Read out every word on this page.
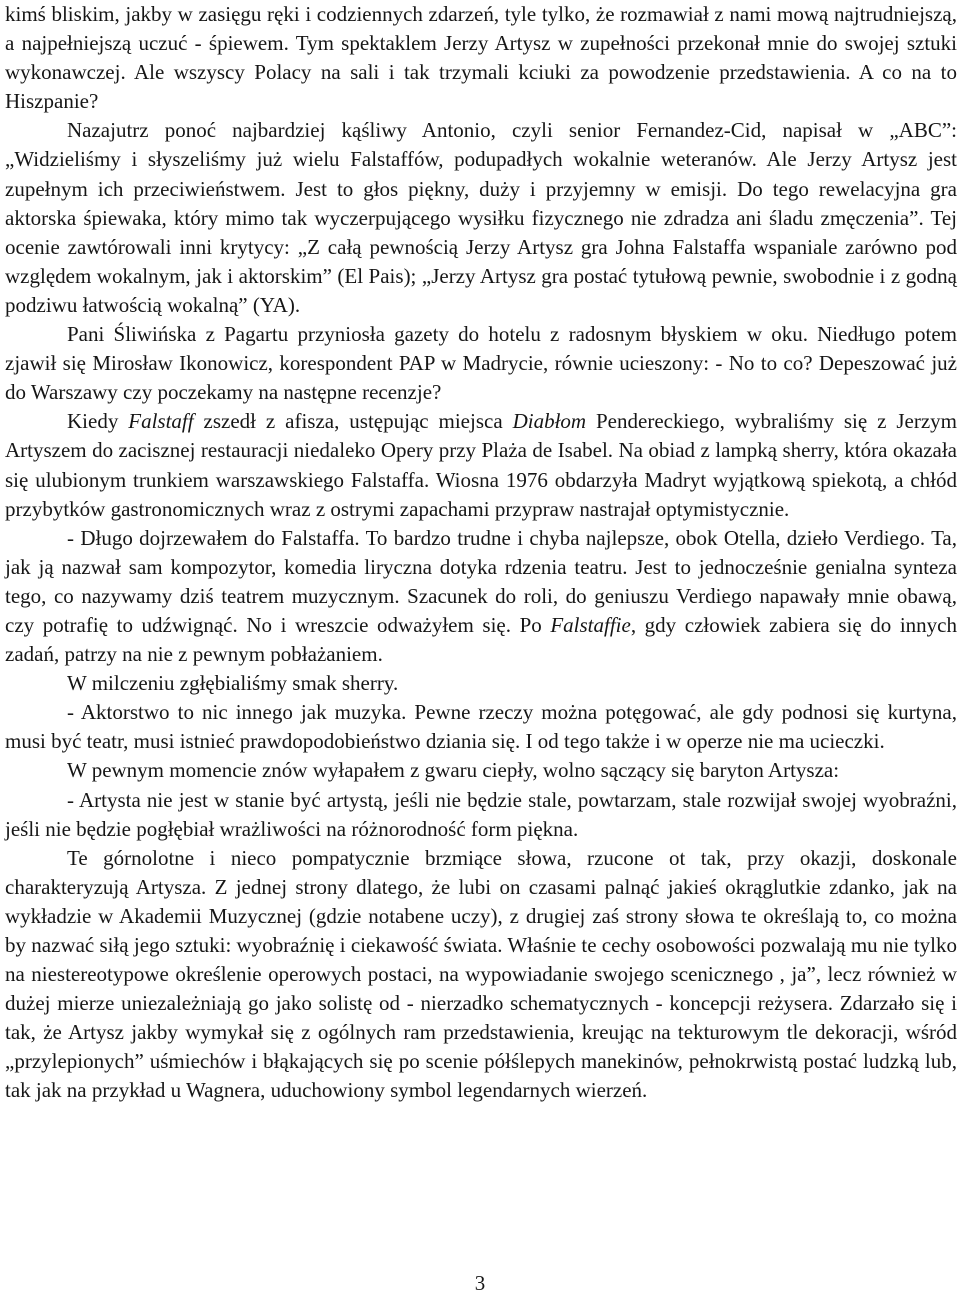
kimś bliskim, jakby w zasięgu ręki i codziennych zdarzeń, tyle tylko, że rozmawiał z nami mową najtrudniejszą, a najpełniejszą uczuć - śpiewem. Tym spektaklem Jerzy Artysz w zupełności przekonał mnie do swojej sztuki wykonawczej. Ale wszyscy Polacy na sali i tak trzymali kciuki za powodzenie przedstawienia. A co na to Hiszpanie?

Nazajutrz ponoć najbardziej kąśliwy Antonio, czyli senior Fernandez-Cid, napisał w „ABC”: „Widzieliśmy i słyszeliśmy już wielu Falstaffów, podupadłych wokalnie weteranów. Ale Jerzy Artysz jest zupełnym ich przeciwieństwem. Jest to głos piękny, duży i przyjemny w emisji. Do tego rewelacyjna gra aktorska śpiewaka, który mimo tak wyczerpującego wysiłku fizycznego nie zdradza ani śladu zmęczenia”. Tej ocenie zawtórowali inni krytycy: „Z całą pewnością Jerzy Artysz gra Johna Falstaffa wspaniale zarówno pod względem wokalnym, jak i aktorskim” (El Pais); „Jerzy Artysz gra postać tytułową pewnie, swobodnie i z godną podziwu łatwością wokalną” (YA).

Pani Śliwińska z Pagartu przyniosła gazety do hotelu z radosnym błyskiem w oku. Niedługo potem zjawił się Mirosław Ikonowicz, korespondent PAP w Madrycie, równie ucieszony: - No to co? Depeszować już do Warszawy czy poczekamy na następne recenzje?

Kiedy Falstaff zszedł z afisza, ustępując miejsca Diabłom Pendereckiego, wybraliśmy się z Jerzym Artyszem do zacisznej restauracji niedaleko Opery przy Plaża de Isabel. Na obiad z lampką sherry, która okazała się ulubionym trunkiem warszawskiego Falstaffa. Wiosna 1976 obdarzyła Madryt wyjątkową spiekotą, a chłód przybytków gastronomicznych wraz z ostrymi zapachami przypraw nastrajał optymistycznie.

- Długo dojrzewałem do Falstaffa. To bardzo trudne i chyba najlepsze, obok Otella, dzieło Verdiego. Ta, jak ją nazwał sam kompozytor, komedia liryczna dotyka rdzenia teatru. Jest to jednocześnie genialna synteza tego, co nazywamy dziś teatrem muzycznym. Szacunek do roli, do geniuszu Verdiego napawały mnie obawą, czy potrafię to udźwignąć. No i wreszcie odważyłem się. Po Falstaffie, gdy człowiek zabiera się do innych zadań, patrzy na nie z pewnym pobłażaniem.

W milczeniu zgłębialiśmy smak sherry.

- Aktorstwo to nic innego jak muzyka. Pewne rzeczy można potęgować, ale gdy podnosi się kurtyna, musi być teatr, musi istnieć prawdopodobieństwo dziania się. I od tego także i w operze nie ma ucieczki.

W pewnym momencie znów wyłapałem z gwaru ciepły, wolno sączący się baryton Artysza:

- Artysta nie jest w stanie być artystą, jeśli nie będzie stale, powtarzam, stale rozwijał swojej wyobraźni, jeśli nie będzie pogłębiał wrażliwości na różnorodność form piękna.

Te górnolotne i nieco pompatycznie brzmiące słowa, rzucone ot tak, przy okazji, doskonale charakteryzują Artysza. Z jednej strony dlatego, że lubi on czasami palnąć jakieś okrąglutkie zdanko, jak na wykładzie w Akademii Muzycznej (gdzie notabene uczy), z drugiej zaś strony słowa te określają to, co można by nazwać siłą jego sztuki: wyobraźnię i ciekawość świata. Właśnie te cechy osobowości pozwalają mu nie tylko na niestereotypowe określenie operowych postaci, na wypowiadanie swojego scenicznego , ja”, lecz również w dużej mierze uniezależniają go jako solistę od - nierzadko schematycznych - koncepcji reżysera. Zdarzało się i tak, że Artysz jakby wymykał się z ogólnych ram przedstawienia, kreując na tekturowym tle dekoracji, wśród „przylepionych” uśmiechów i błąkających się po scenie półślepych manekinów, pełnokrwistą postać ludzką lub, tak jak na przykład u Wagnera, uduchowiony symbol legendarnych wierzeń.

3
